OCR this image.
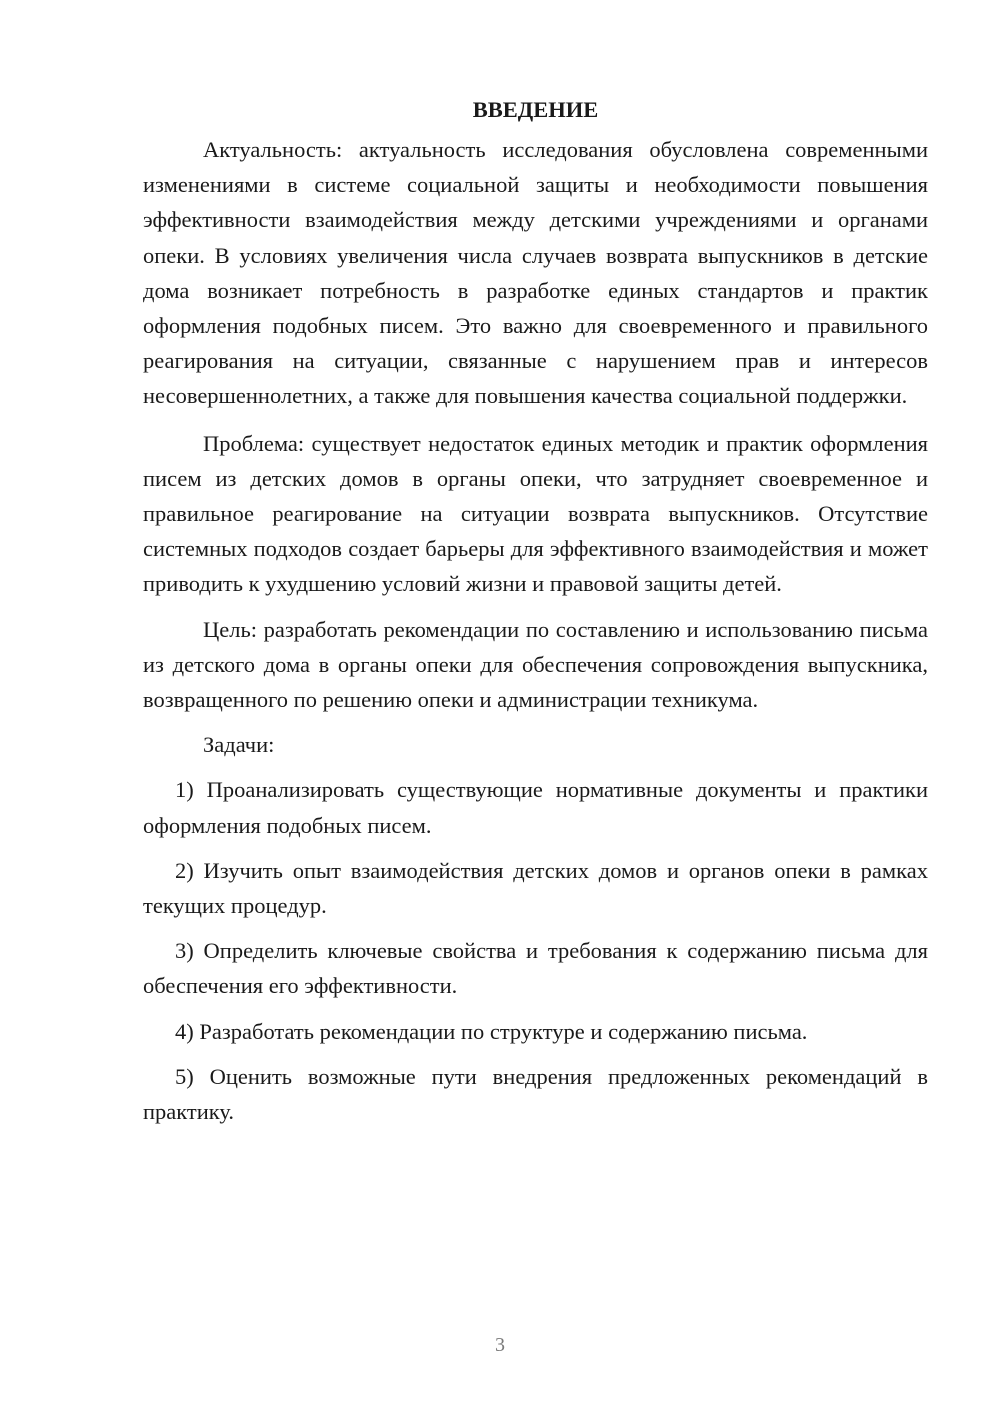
ВВЕДЕНИЕ

Актуальность: актуальность исследования обусловлена современными изменениями в системе социальной защиты и необходимости повышения эффективности взаимодействия между детскими учреждениями и органами опеки. В условиях увеличения числа случаев возврата выпускников в детские дома возникает потребность в разработке единых стандартов и практик оформления подобных писем. Это важно для своевременного и правильного реагирования на ситуации, связанные с нарушением прав и интересов несовершеннолетних, а также для повышения качества социальной поддержки.

Проблема: существует недостаток единых методик и практик оформления писем из детских домов в органы опеки, что затрудняет своевременное и правильное реагирование на ситуации возврата выпускников. Отсутствие системных подходов создает барьеры для эффективного взаимодействия и может приводить к ухудшению условий жизни и правовой защиты детей.

Цель: разработать рекомендации по составлению и использованию письма из детского дома в органы опеки для обеспечения сопровождения выпускника, возвращенного по решению опеки и администрации техникума.

Задачи:

1) Проанализировать существующие нормативные документы и практики оформления подобных писем.

2) Изучить опыт взаимодействия детских домов и органов опеки в рамках текущих процедур.

3) Определить ключевые свойства и требования к содержанию письма для обеспечения его эффективности.

4) Разработать рекомендации по структуре и содержанию письма.

5) Оценить возможные пути внедрения предложенных рекомендаций в практику.

3
